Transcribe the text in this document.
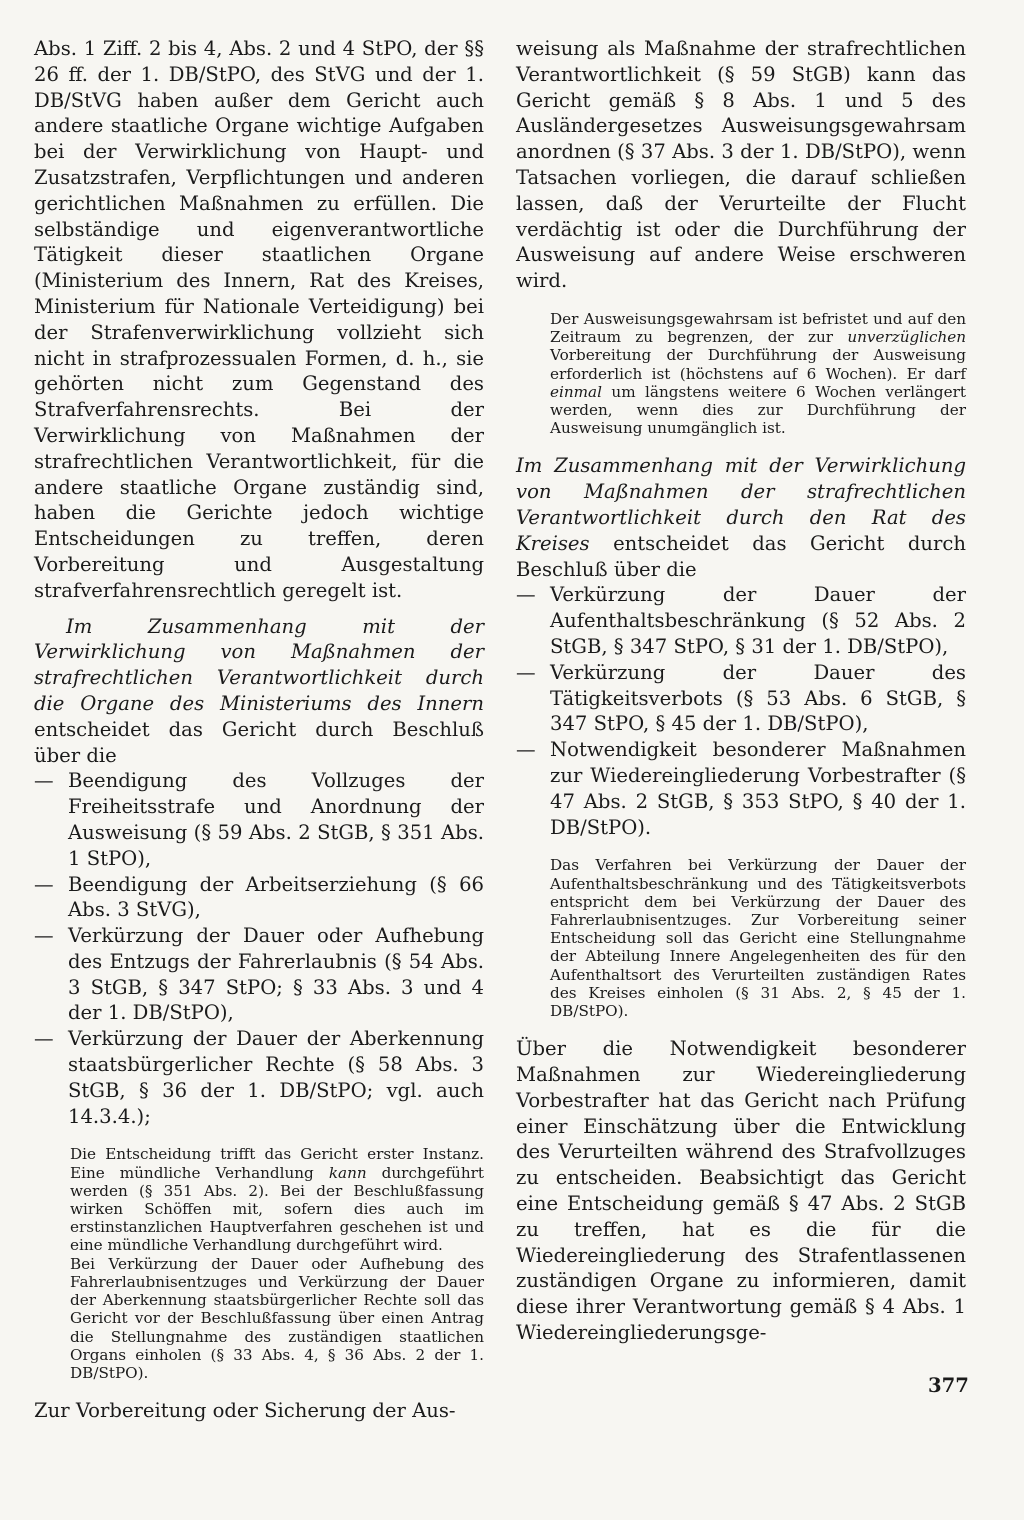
Abs. 1 Ziff. 2 bis 4, Abs. 2 und 4 StPO, der §§ 26 ff. der 1. DB/StPO, des StVG und der 1. DB/StVG haben außer dem Gericht auch andere staatliche Organe wichtige Aufgaben bei der Verwirklichung von Haupt- und Zusatzstrafen, Verpflichtungen und anderen gerichtlichen Maßnahmen zu erfüllen. Die selbständige und eigenverantwortliche Tätigkeit dieser staatlichen Organe (Ministerium des Innern, Rat des Kreises, Ministerium für Nationale Verteidigung) bei der Strafenverwirklichung vollzieht sich nicht in strafprozessualen Formen, d. h., sie gehörten nicht zum Gegenstand des Strafverfahrensrechts. Bei der Verwirklichung von Maßnahmen der strafrechtlichen Verantwortlichkeit, für die andere staatliche Organe zuständig sind, haben die Gerichte jedoch wichtige Entscheidungen zu treffen, deren Vorbereitung und Ausgestaltung strafverfahrensrechtlich geregelt ist.

Im Zusammenhang mit der Verwirklichung von Maßnahmen der strafrechtlichen Verantwortlichkeit durch die Organe des Ministeriums des Innern entscheidet das Gericht durch Beschluß über die

— Beendigung des Vollzuges der Freiheitsstrafe und Anordnung der Ausweisung (§ 59 Abs. 2 StGB, § 351 Abs. 1 StPO),
— Beendigung der Arbeitserziehung (§ 66 Abs. 3 StVG),
— Verkürzung der Dauer oder Aufhebung des Entzugs der Fahrerlaubnis (§ 54 Abs. 3 StGB, § 347 StPO; § 33 Abs. 3 und 4 der 1. DB/StPO),
— Verkürzung der Dauer der Aberkennung staatsbürgerlicher Rechte (§ 58 Abs. 3 StGB, § 36 der 1. DB/StPO; vgl. auch 14.3.4.);

Die Entscheidung trifft das Gericht erster Instanz. Eine mündliche Verhandlung kann durchgeführt werden (§ 351 Abs. 2). Bei der Beschlußfassung wirken Schöffen mit, sofern dies auch im erstinstanzlichen Hauptverfahren geschehen ist und eine mündliche Verhandlung durchgeführt wird.

Bei Verkürzung der Dauer oder Aufhebung des Fahrerlaubnisentzuges und Verkürzung der Dauer der Aberkennung staatsbürgerlicher Rechte soll das Gericht vor der Beschlußfassung über einen Antrag die Stellungnahme des zuständigen staatlichen Organs einholen (§ 33 Abs. 4, § 36 Abs. 2 der 1. DB/StPO).

Zur Vorbereitung oder Sicherung der Aus-

weisung als Maßnahme der strafrechtlichen Verantwortlichkeit (§ 59 StGB) kann das Gericht gemäß § 8 Abs. 1 und 5 des Ausländergesetzes Ausweisungsgewahrsam anordnen (§ 37 Abs. 3 der 1. DB/StPO), wenn Tatsachen vorliegen, die darauf schließen lassen, daß der Verurteilte der Flucht verdächtig ist oder die Durchführung der Ausweisung auf andere Weise erschweren wird.

Der Ausweisungsgewahrsam ist befristet und auf den Zeitraum zu begrenzen, der zur unverzüglichen Vorbereitung der Durchführung der Ausweisung erforderlich ist (höchstens auf 6 Wochen). Er darf einmal um längstens weitere 6 Wochen verlängert werden, wenn dies zur Durchführung der Ausweisung unumgänglich ist.

Im Zusammenhang mit der Verwirklichung von Maßnahmen der strafrechtlichen Verantwortlichkeit durch den Rat des Kreises entscheidet das Gericht durch Beschluß über die

— Verkürzung der Dauer der Aufenthaltsbeschränkung (§ 52 Abs. 2 StGB, § 347 StPO, § 31 der 1. DB/StPO),
— Verkürzung der Dauer des Tätigkeitsverbots (§ 53 Abs. 6 StGB, § 347 StPO, § 45 der 1. DB/StPO),
— Notwendigkeit besonderer Maßnahmen zur Wiedereingliederung Vorbestrafter (§ 47 Abs. 2 StGB, § 353 StPO, § 40 der 1. DB/StPO).

Das Verfahren bei Verkürzung der Dauer der Aufenthaltsbeschränkung und des Tätigkeitsverbots entspricht dem bei Verkürzung der Dauer des Fahrerlaubnisentzuges. Zur Vorbereitung seiner Entscheidung soll das Gericht eine Stellungnahme der Abteilung Innere Angelegenheiten des für den Aufenthaltsort des Verurteilten zuständigen Rates des Kreises einholen (§ 31 Abs. 2, § 45 der 1. DB/StPO).

Über die Notwendigkeit besonderer Maßnahmen zur Wiedereingliederung Vorbestrafter hat das Gericht nach Prüfung einer Einschätzung über die Entwicklung des Verurteilten während des Strafvollzuges zu entscheiden. Beabsichtigt das Gericht eine Entscheidung gemäß § 47 Abs. 2 StGB zu treffen, hat es die für die Wiedereingliederung des Strafentlassenen zuständigen Organe zu informieren, damit diese ihrer Verantwortung gemäß § 4 Abs. 1 Wiedereingliederungsge-

377
